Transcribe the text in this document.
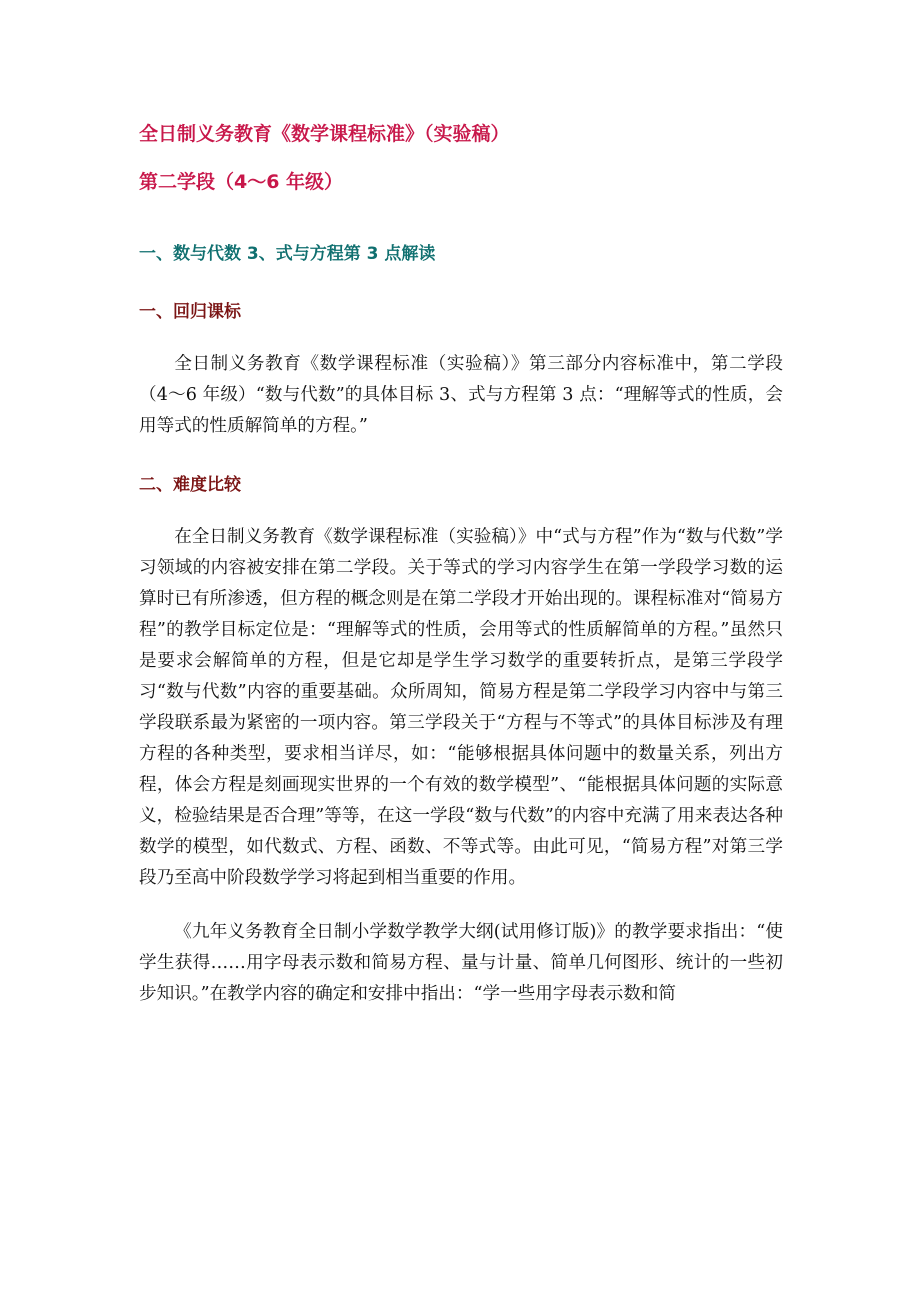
全日制义务教育《数学课程标准》（实验稿）

第二学段（4～6 年级）

一、数与代数 3、式与方程第 3 点解读

一、回归课标

全日制义务教育《数学课程标准（实验稿）》第三部分内容标准中，第二学段（4～6 年级）“数与代数”的具体目标 3、式与方程第 3 点：“理解等式的性质，会用等式的性质解简单的方程。”

二、难度比较

在全日制义务教育《数学课程标准（实验稿）》中“式与方程”作为“数与代数”学习领域的内容被安排在第二学段。关于等式的学习内容学生在第一学段学习数的运算时已有所渗透，但方程的概念则是在第二学段才开始出现的。课程标准对“简易方程”的教学目标定位是：“理解等式的性质，会用等式的性质解简单的方程。”虽然只是要求会解简单的方程，但是它却是学生学习数学的重要转折点，是第三学段学习“数与代数”内容的重要基础。众所周知，简易方程是第二学段学习内容中与第三学段联系最为紧密的一项内容。第三学段关于“方程与不等式”的具体目标涉及有理方程的各种类型，要求相当详尽，如：“能够根据具体问题中的数量关系，列出方程，体会方程是刻画现实世界的一个有效的数学模型”、“能根据具体问题的实际意义，检验结果是否合理”等等，在这一学段“数与代数”的内容中充满了用来表达各种数学的模型，如代数式、方程、函数、不等式等。由此可见，“简易方程”对第三学段乃至高中阶段数学学习将起到相当重要的作用。

《九年义务教育全日制小学数学教学大纲(试用修订版)》的教学要求指出：“使学生获得……用字母表示数和简易方程、量与计量、简单几何图形、统计的一些初步知识。”在教学内容的确定和安排中指出：“学一些用字母表示数和简
